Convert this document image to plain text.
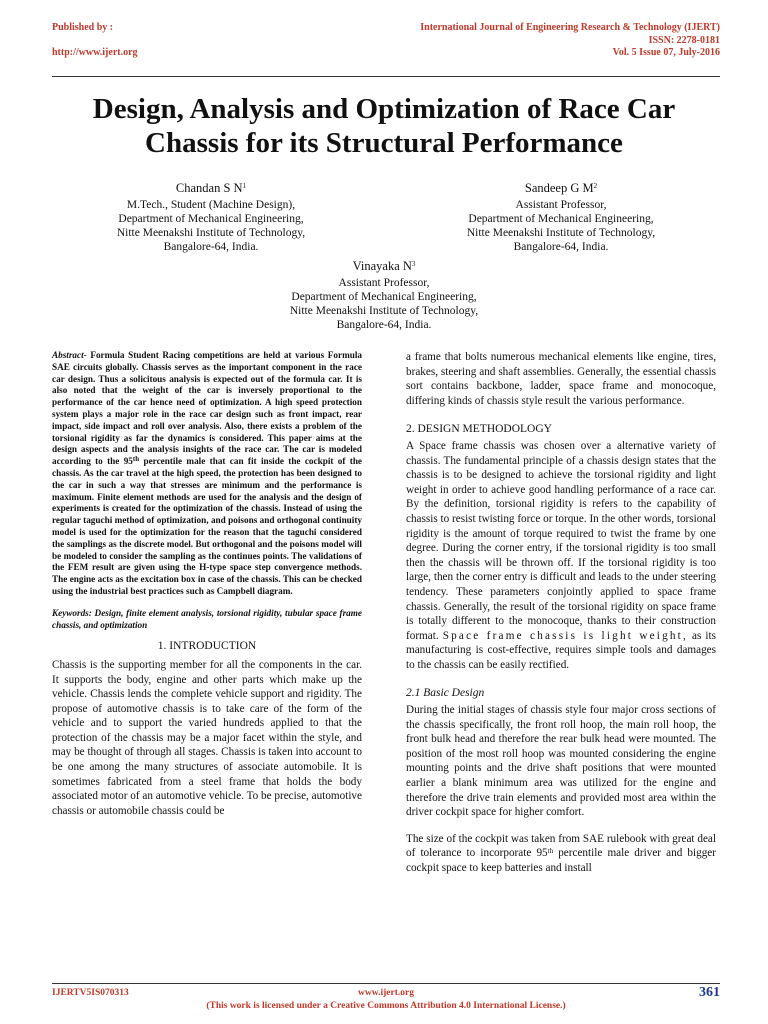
Published by :
http://www.ijert.org
International Journal of Engineering Research & Technology (IJERT)
ISSN: 2278-0181
Vol. 5 Issue 07, July-2016
Design, Analysis and Optimization of Race Car
Chassis for its Structural Performance
Chandan S $N^1$
M.Tech., Student (Machine Design),
Department of Mechanical Engineering,
Nitte Meenakshi Institute of Technology,
Bangalore-64, India.
Sandeep G $M^2$
Assistant Professor,
Department of Mechanical Engineering,
Nitte Meenakshi Institute of Technology,
Bangalore-64, India.
Vinayaka $N^3$
Assistant Professor,
Department of Mechanical Engineering,
Nitte Meenakshi Institute of Technology,
Bangalore-64, India.

Abstract- Formula Student Racing competitions are held at various Formula SAE circuits globally. Chassis serves as the important component in the race car design. Thus a solicitous analysis is expected out of the formula car. It is also noted that the weight of the car is inversely proportional to the performance of the car hence need of optimization. A high speed protection system plays a major role in the race car design such as front impact, rear impact, side impact and roll over analysis. Also, there exists a problem of the torsional rigidity as far the dynamics is considered. This paper aims at the design aspects and the analysis insights of the race car. The car is modeled according to the 95th percentile male that can fit inside the cockpit of the chassis. As the car travel at the high speed, the protection has been designed to the car in such a way that stresses are minimum and the performance is maximum. Finite element methods are used for the analysis and the design of experiments is created for the optimization of the chassis. Instead of using the regular taguchi method of optimization, and poisons and orthogonal continuity model is used for the optimization for the reason that the taguchi considered the samplings as the discrete model. But orthogonal and the poisons model will be modeled to consider the sampling as the continues points. The validations of the FEM result are given using the H-type space step convergence methods. The engine acts as the excitation box in case of the chassis. This can be checked using the industrial best practices such as Campbell diagram.

Keywords: Design, finite element analysis, torsional rigidity, tubular space frame chassis, and optimization

1. INTRODUCTION

Chassis is the supporting member for all the components in the car. It supports the body, engine and other parts which make up the vehicle. Chassis lends the complete vehicle support and rigidity. The propose of automotive chassis is to take care of the form of the vehicle and to support the varied hundreds applied to that the protection of the chassis may be a major facet within the style, and may be thought of through all stages. Chassis is taken into account to be one among the many structures of associate automobile. It is sometimes fabricated from a steel frame that holds the body associated motor of an automotive vehicle. To be precise, automotive chassis or automobile chassis could be

a frame that bolts numerous mechanical elements like engine, tires, brakes, steering and shaft assemblies. Generally, the essential chassis sort contains backbone, ladder, space frame and monocoque, differing kinds of chassis style result the various performance.

2. DESIGN METHODOLOGY

A Space frame chassis was chosen over a alternative variety of chassis. The fundamental principle of a chassis design states that the chassis is to be designed to achieve the torsional rigidity and light weight in order to achieve good handling performance of a race car. By the definition, torsional rigidity is refers to the capability of chassis to resist twisting force or torque. In the other words, torsional rigidity is the amount of torque required to twist the frame by one degree. During the corner entry, if the torsional rigidity is too small then the chassis will be thrown off. If the torsional rigidity is too large, then the corner entry is difficult and leads to the under steering tendency. These parameters conjointly applied to space frame chassis. Generally, the result of the torsional rigidity on space frame is totally different to the monocoque, thanks to their construction format. Space frame chassis is light weight, as its manufacturing is cost-effective, requires simple tools and damages to the chassis can be easily rectified.

2.1 Basic Design

During the initial stages of chassis style four major cross sections of the chassis specifically, the front roll hoop, the main roll hoop, the front bulk head and therefore the rear bulk head were mounted. The position of the most roll hoop was mounted considering the engine mounting points and the drive shaft positions that were mounted earlier a blank minimum area was utilized for the engine and therefore the drive train elements and provided most area within the driver cockpit space for higher comfort.

The size of the cockpit was taken from SAE rulebook with great deal of tolerance to incorporate 95th percentile male driver and bigger cockpit space to keep batteries and install

IJERTV5IS070313	www.ijert.org
(This work is licensed under a Creative Commons Attribution 4.0 International License.)
361
